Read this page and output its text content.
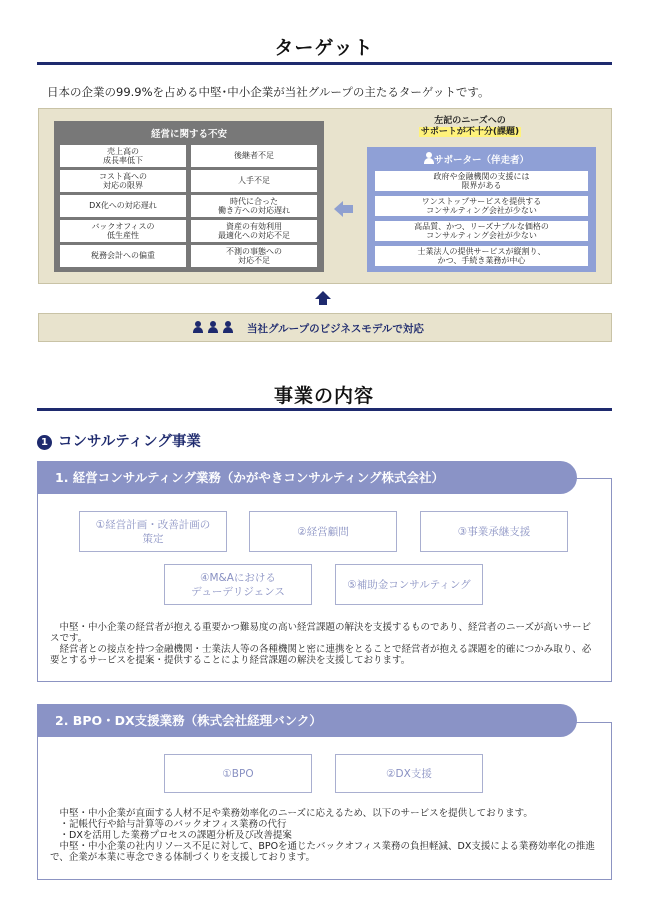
ターゲット
日本の企業の99.9%を占める中堅･中小企業が当社グループの主たるターゲットです。
経営に関する不安
売上高の
成長率低下
後継者不足
コスト高への
対応の限界
人手不足
DX化への対応遅れ
時代に合った
働き方への対応遅れ
バックオフィスの
低生産性
資産の有効利用
最適化への対応不足
税務会計への偏重
不測の事態への
対応不足
左記のニーズへの
サポートが不十分(課題)
サポーター（伴走者）
政府や金融機関の支援には
限界がある
ワンストップサービスを提供する
コンサルティング会社が少ない
高品質、かつ、リーズナブルな価格の
コンサルティング会社が少ない
士業法人の提供サービスが縦割り、
かつ、手続き業務が中心
当社グループのビジネスモデルで対応
事業の内容
1 コンサルティング事業
1. 経営コンサルティング業務（かがやきコンサルティング株式会社）
①経営計画・改善計画の
策定
②経営顧問	③事業承継支援
④M&Aにおける
デューデリジェンス
⑤補助金コンサルティング
　中堅・中小企業の経営者が抱える重要かつ難易度の高い経営課題の解決を支援するものであり、経営者のニーズが高いサービスです。
　経営者との接点を持つ金融機関・士業法人等の各種機関と密に連携をとることで経営者が抱える課題を的確につかみ取り、必要とするサービスを提案・提供することにより経営課題の解決を支援しております。
2. BPO・DX支援業務（株式会社経理バンク）
①BPO	②DX支援
　中堅・中小企業が直面する人材不足や業務効率化のニーズに応えるため、以下のサービスを提供しております。
　・記帳代行や給与計算等のバックオフィス業務の代行
　・DXを活用した業務プロセスの課題分析及び改善提案
　中堅・中小企業の社内リソース不足に対して、BPOを通じたバックオフィス業務の負担軽減、DX支援による業務効率化の推進で、企業が本業に専念できる体制づくりを支援しております。
